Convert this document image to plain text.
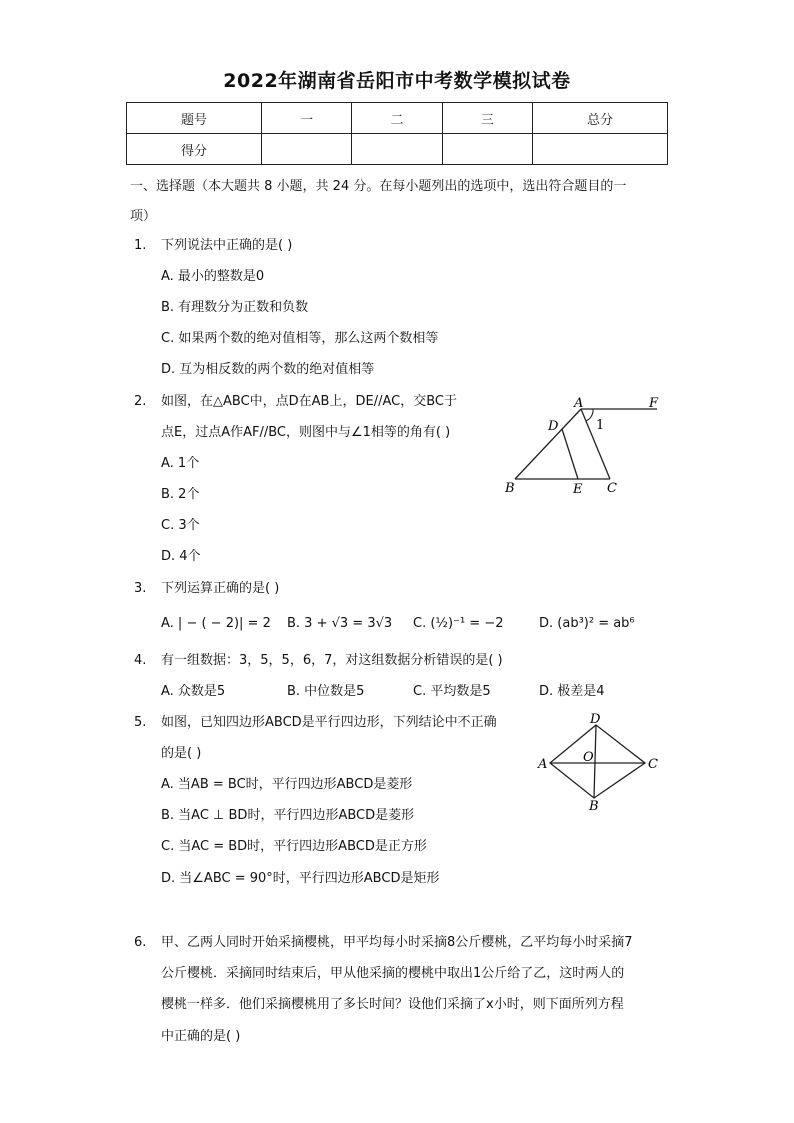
2022年湖南省岳阳市中考数学模拟试卷
题号	一	二	三	总分
得分				
一、选择题（本大题共 8 小题，共 24 分。在每小题列出的选项中，选出符合题目的一
项）
1. 下列说法中正确的是( )
A. 最小的整数是0
B. 有理数分为正数和负数
C. 如果两个数的绝对值相等，那么这两个数相等
D. 互为相反数的两个数的绝对值相等
2. 如图，在△ABC中，点D在AB上，DE//AC，交BC于
点E，过点A作AF//BC，则图中与∠1相等的角有( )
A. 1个
B. 2个
C. 3个
D. 4个
A	F
D	1
B	E C
3. 下列运算正确的是( )
A. | − ( − 2)| = 2 B. 3 + √3 = 3√3 C. (½)⁻¹ = −2	D. (ab³)² = ab⁶
4. 有一组数据：3，5，5，6，7，对这组数据分析错误的是( )
A. 众数是5	B. 中位数是5	C. 平均数是5	D. 极差是4
5. 如图，已知四边形ABCD是平行四边形，下列结论中不正确
的是( )
A. 当AB = BC时，平行四边形ABCD是菱形
B. 当AC ⊥ BD时，平行四边形ABCD是菱形
C. 当AC = BD时，平行四边形ABCD是正方形
D. 当∠ABC = 90°时，平行四边形ABCD是矩形
D
A	O	C
B
6. 甲、乙两人同时开始采摘樱桃，甲平均每小时采摘8公斤樱桃，乙平均每小时采摘7
公斤樱桃．采摘同时结束后，甲从他采摘的樱桃中取出1公斤给了乙，这时两人的
樱桃一样多．他们采摘樱桃用了多长时间？设他们采摘了x小时，则下面所列方程
中正确的是( )
